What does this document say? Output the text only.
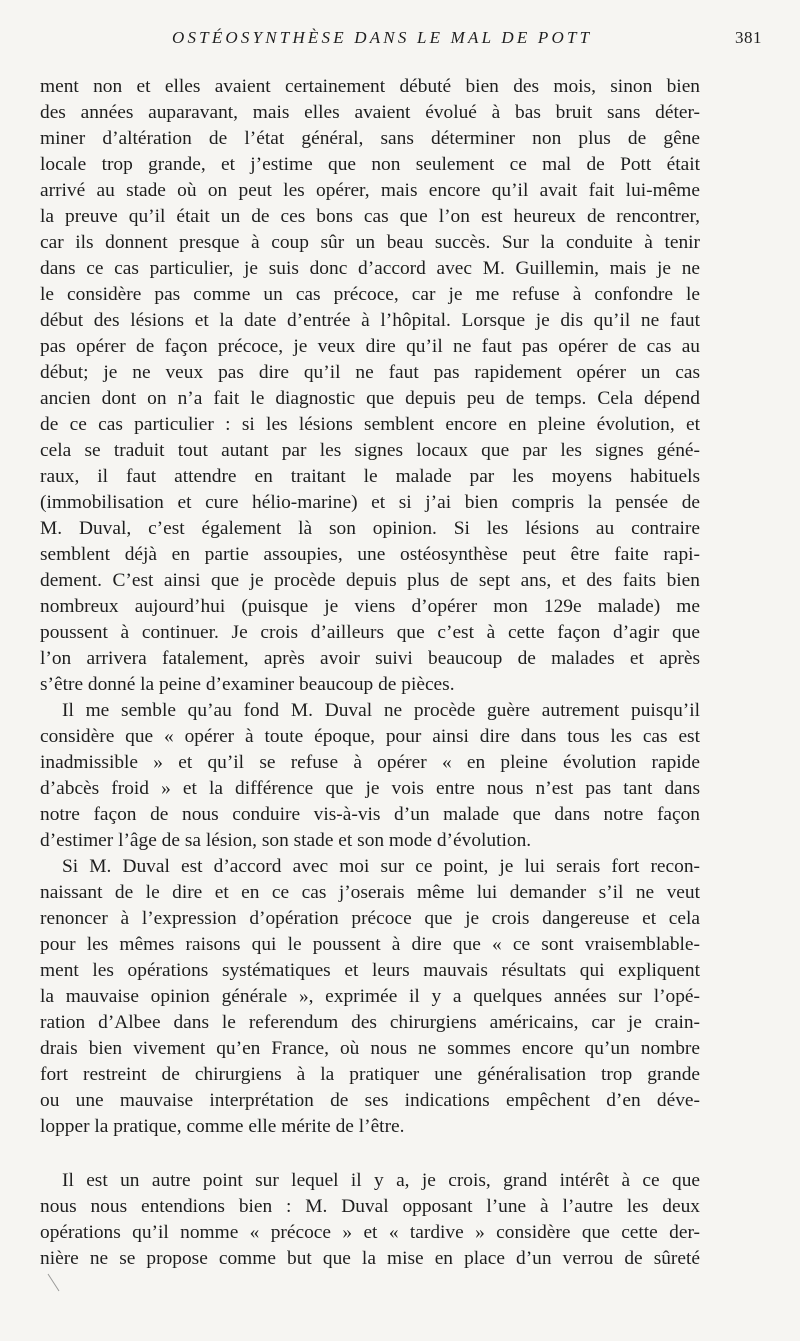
OSTÉOSYNTHÈSE DANS LE MAL DE POTT	381
ment non et elles avaient certainement débuté bien des mois, sinon bien
des années auparavant, mais elles avaient évolué à bas bruit sans déter-
miner d’altération de l’état général, sans déterminer non plus de gêne
locale trop grande, et j’estime que non seulement ce mal de Pott était
arrivé au stade où on peut les opérer, mais encore qu’il avait fait lui-même
la preuve qu’il était un de ces bons cas que l’on est heureux de rencontrer,
car ils donnent presque à coup sûr un beau succès. Sur la conduite à tenir
dans ce cas particulier, je suis donc d’accord avec M. Guillemin, mais je ne
le considère pas comme un cas précoce, car je me refuse à confondre le
début des lésions et la date d’entrée à l’hôpital. Lorsque je dis qu’il ne faut
pas opérer de façon précoce, je veux dire qu’il ne faut pas opérer de cas au
début; je ne veux pas dire qu’il ne faut pas rapidement opérer un cas
ancien dont on n’a fait le diagnostic que depuis peu de temps. Cela dépend
de ce cas particulier : si les lésions semblent encore en pleine évolution, et
cela se traduit tout autant par les signes locaux que par les signes géné-
raux, il faut attendre en traitant le malade par les moyens habituels
(immobilisation et cure hélio-marine) et si j’ai bien compris la pensée de
M. Duval, c’est également là son opinion. Si les lésions au contraire
semblent déjà en partie assoupies, une ostéosynthèse peut être faite rapi-
dement. C’est ainsi que je procède depuis plus de sept ans, et des faits bien
nombreux aujourd’hui (puisque je viens d’opérer mon 129e malade) me
poussent à continuer. Je crois d’ailleurs que c’est à cette façon d’agir que
l’on arrivera fatalement, après avoir suivi beaucoup de malades et après
s’être donné la peine d’examiner beaucoup de pièces.
Il me semble qu’au fond M. Duval ne procède guère autrement puisqu’il
considère que « opérer à toute époque, pour ainsi dire dans tous les cas est
inadmissible » et qu’il se refuse à opérer « en pleine évolution rapide
d’abcès froid » et la différence que je vois entre nous n’est pas tant dans
notre façon de nous conduire vis-à-vis d’un malade que dans notre façon
d’estimer l’âge de sa lésion, son stade et son mode d’évolution.
Si M. Duval est d’accord avec moi sur ce point, je lui serais fort recon-
naissant de le dire et en ce cas j’oserais même lui demander s’il ne veut
renoncer à l’expression d’opération précoce que je crois dangereuse et cela
pour les mêmes raisons qui le poussent à dire que « ce sont vraisemblable-
ment les opérations systématiques et leurs mauvais résultats qui expliquent
la mauvaise opinion générale », exprimée il y a quelques années sur l’opé-
ration d’Albee dans le referendum des chirurgiens américains, car je crain-
drais bien vivement qu’en France, où nous ne sommes encore qu’un nombre
fort restreint de chirurgiens à la pratiquer une généralisation trop grande
ou une mauvaise interprétation de ses indications empêchent d’en déve-
lopper la pratique, comme elle mérite de l’être.
Il est un autre point sur lequel il y a, je crois, grand intérêt à ce que
nous nous entendions bien : M. Duval opposant l’une à l’autre les deux
opérations qu’il nomme « précoce » et « tardive » considère que cette der-
nière ne se propose comme but que la mise en place d’un verrou de sûreté
